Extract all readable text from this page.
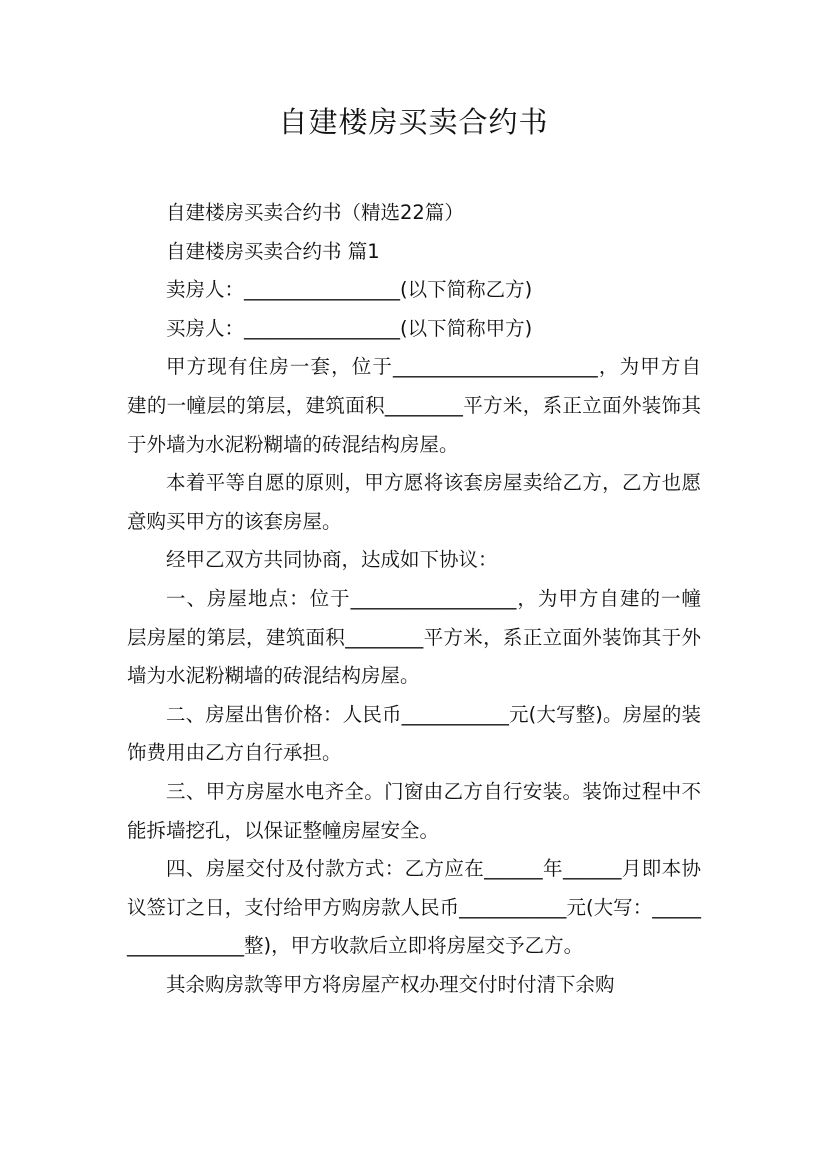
自建楼房买卖合约书

自建楼房买卖合约书（精选22篇）

自建楼房买卖合约书 篇1

卖房人：________________(以下简称乙方)

买房人：________________(以下简称甲方)

甲方现有住房一套，位于_____________________，为甲方自建的一幢层的第层，建筑面积________平方米，系正立面外装饰其于外墙为水泥粉糊墙的砖混结构房屋。

本着平等自愿的原则，甲方愿将该套房屋卖给乙方，乙方也愿意购买甲方的该套房屋。

经甲乙双方共同协商，达成如下协议：

一、房屋地点：位于_________________，为甲方自建的一幢层房屋的第层，建筑面积________平方米，系正立面外装饰其于外墙为水泥粉糊墙的砖混结构房屋。

二、房屋出售价格：人民币___________元(大写整)。房屋的装饰费用由乙方自行承担。

三、甲方房屋水电齐全。门窗由乙方自行安装。装饰过程中不能拆墙挖孔，以保证整幢房屋安全。

四、房屋交付及付款方式：乙方应在______年______月即本协议签订之日，支付给甲方购房款人民币___________元(大写：_________________整)，甲方收款后立即将房屋交予乙方。

其余购房款等甲方将房屋产权办理交付时付清下余购
